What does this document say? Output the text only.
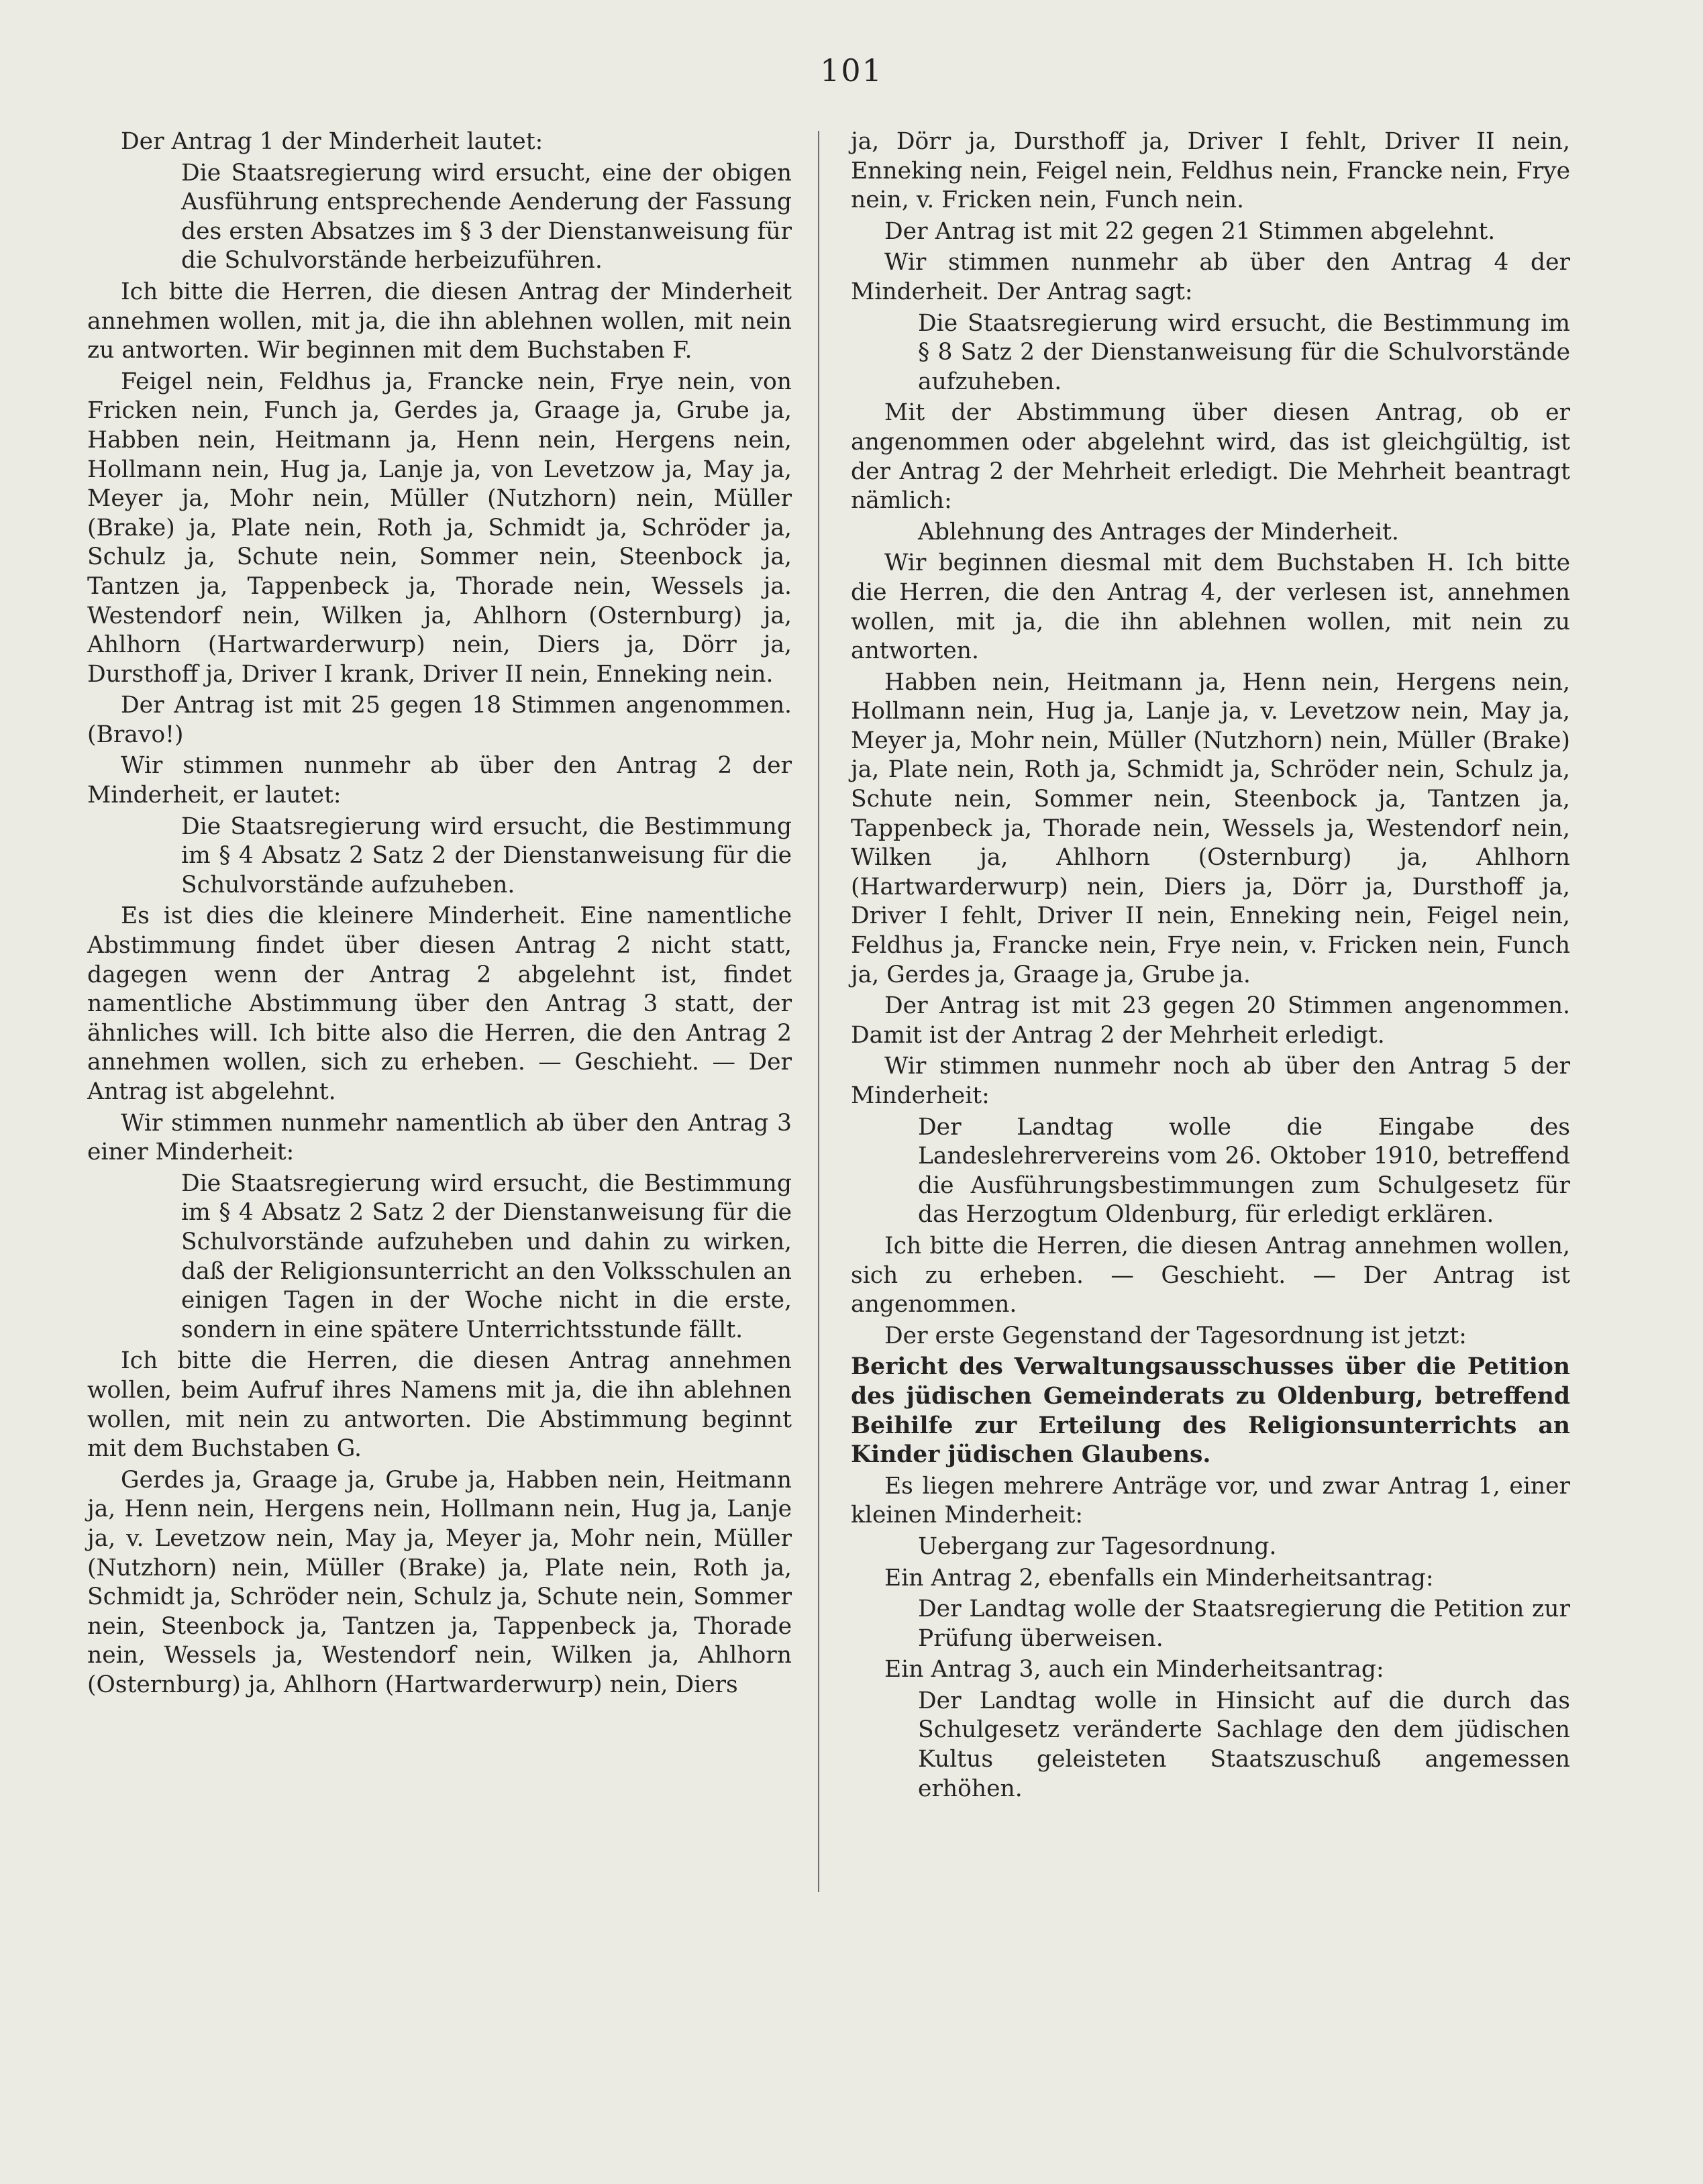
101

Der Antrag 1 der Minderheit lautet:

Die Staatsregierung wird ersucht, eine der obigen Ausführung entsprechende Aenderung der Fassung des ersten Absatzes im § 3 der Dienstanweisung für die Schulvorstände herbeizuführen.

Ich bitte die Herren, die diesen Antrag der Minderheit annehmen wollen, mit ja, die ihn ablehnen wollen, mit nein zu antworten. Wir beginnen mit dem Buchstaben F.

Feigel nein, Feldhus ja, Francke nein, Frye nein, von Fricken nein, Funch ja, Gerdes ja, Graage ja, Grube ja, Habben nein, Heitmann ja, Henn nein, Hergens nein, Hollmann nein, Hug ja, Lanje ja, von Levetzow ja, May ja, Meyer ja, Mohr nein, Müller (Nutzhorn) nein, Müller (Brake) ja, Plate nein, Roth ja, Schmidt ja, Schröder ja, Schulz ja, Schute nein, Sommer nein, Steenbock ja, Tantzen ja, Tappenbeck ja, Thorade nein, Wessels ja. Westendorf nein, Wilken ja, Ahlhorn (Osternburg) ja, Ahlhorn (Hartwarderwurp) nein, Diers ja, Dörr ja, Dursthoff ja, Driver I krank, Driver II nein, Enneking nein.

Der Antrag ist mit 25 gegen 18 Stimmen angenommen. (Bravo!)

Wir stimmen nunmehr ab über den Antrag 2 der Minderheit, er lautet:

Die Staatsregierung wird ersucht, die Bestimmung im § 4 Absatz 2 Satz 2 der Dienstanweisung für die Schulvorstände aufzuheben.

Es ist dies die kleinere Minderheit. Eine namentliche Abstimmung findet über diesen Antrag 2 nicht statt, dagegen wenn der Antrag 2 abgelehnt ist, findet namentliche Abstimmung über den Antrag 3 statt, der ähnliches will. Ich bitte also die Herren, die den Antrag 2 annehmen wollen, sich zu erheben. — Geschieht. — Der Antrag ist abgelehnt.

Wir stimmen nunmehr namentlich ab über den Antrag 3 einer Minderheit:

Die Staatsregierung wird ersucht, die Bestimmung im § 4 Absatz 2 Satz 2 der Dienstanweisung für die Schulvorstände aufzuheben und dahin zu wirken, daß der Religionsunterricht an den Volksschulen an einigen Tagen in der Woche nicht in die erste, sondern in eine spätere Unterrichtsstunde fällt.

Ich bitte die Herren, die diesen Antrag annehmen wollen, beim Aufruf ihres Namens mit ja, die ihn ablehnen wollen, mit nein zu antworten. Die Abstimmung beginnt mit dem Buchstaben G.

Gerdes ja, Graage ja, Grube ja, Habben nein, Heitmann ja, Henn nein, Hergens nein, Hollmann nein, Hug ja, Lanje ja, v. Levetzow nein, May ja, Meyer ja, Mohr nein, Müller (Nutzhorn) nein, Müller (Brake) ja, Plate nein, Roth ja, Schmidt ja, Schröder nein, Schulz ja, Schute nein, Sommer nein, Steenbock ja, Tantzen ja, Tappenbeck ja, Thorade nein, Wessels ja, Westendorf nein, Wilken ja, Ahlhorn (Osternburg) ja, Ahlhorn (Hartwarderwurp) nein, Diers

ja, Dörr ja, Dursthoff ja, Driver I fehlt, Driver II nein, Enneking nein, Feigel nein, Feldhus nein, Francke nein, Frye nein, v. Fricken nein, Funch nein.

Der Antrag ist mit 22 gegen 21 Stimmen abgelehnt.

Wir stimmen nunmehr ab über den Antrag 4 der Minderheit. Der Antrag sagt:

Die Staatsregierung wird ersucht, die Bestimmung im § 8 Satz 2 der Dienstanweisung für die Schulvorstände aufzuheben.

Mit der Abstimmung über diesen Antrag, ob er angenommen oder abgelehnt wird, das ist gleichgültig, ist der Antrag 2 der Mehrheit erledigt. Die Mehrheit beantragt nämlich:

Ablehnung des Antrages der Minderheit.

Wir beginnen diesmal mit dem Buchstaben H. Ich bitte die Herren, die den Antrag 4, der verlesen ist, annehmen wollen, mit ja, die ihn ablehnen wollen, mit nein zu antworten.

Habben nein, Heitmann ja, Henn nein, Hergens nein, Hollmann nein, Hug ja, Lanje ja, v. Levetzow nein, May ja, Meyer ja, Mohr nein, Müller (Nutzhorn) nein, Müller (Brake) ja, Plate nein, Roth ja, Schmidt ja, Schröder nein, Schulz ja, Schute nein, Sommer nein, Steenbock ja, Tantzen ja, Tappenbeck ja, Thorade nein, Wessels ja, Westendorf nein, Wilken ja, Ahlhorn (Osternburg) ja, Ahlhorn (Hartwarderwurp) nein, Diers ja, Dörr ja, Dursthoff ja, Driver I fehlt, Driver II nein, Enneking nein, Feigel nein, Feldhus ja, Francke nein, Frye nein, v. Fricken nein, Funch ja, Gerdes ja, Graage ja, Grube ja.

Der Antrag ist mit 23 gegen 20 Stimmen angenommen. Damit ist der Antrag 2 der Mehrheit erledigt.

Wir stimmen nunmehr noch ab über den Antrag 5 der Minderheit:

Der Landtag wolle die Eingabe des Landeslehrervereins vom 26. Oktober 1910, betreffend die Ausführungsbestimmungen zum Schulgesetz für das Herzogtum Oldenburg, für erledigt erklären.

Ich bitte die Herren, die diesen Antrag annehmen wollen, sich zu erheben. — Geschieht. — Der Antrag ist angenommen.

Der erste Gegenstand der Tagesordnung ist jetzt:

Bericht des Verwaltungsausschusses über die Petition des jüdischen Gemeinderats zu Oldenburg, betreffend Beihilfe zur Erteilung des Religionsunterrichts an Kinder jüdischen Glaubens.

Es liegen mehrere Anträge vor, und zwar Antrag 1, einer kleinen Minderheit:

Uebergang zur Tagesordnung.

Ein Antrag 2, ebenfalls ein Minderheitsantrag:

Der Landtag wolle der Staatsregierung die Petition zur Prüfung überweisen.

Ein Antrag 3, auch ein Minderheitsantrag:

Der Landtag wolle in Hinsicht auf die durch das Schulgesetz veränderte Sachlage den dem jüdischen Kultus geleisteten Staatszuschuß angemessen erhöhen.
